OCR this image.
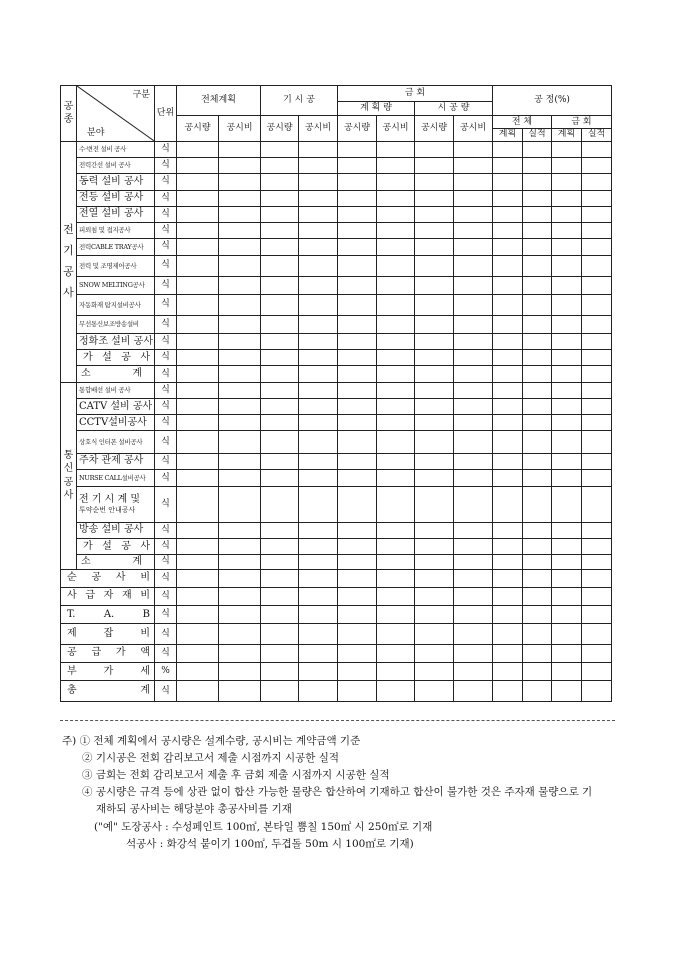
공
종	구분
분야	단위	전체계획		기 시 공		금 회				공 정(%)			
							계 획 량		시 공 량					
			공시량	공시비	공시량	공시비	공시량	공시비	공시량	공시비	전 체		금 회	
											계획	실적	계획	실적
전
기
공
사	수·변전 설비 공사	식												
	전력간선 설비 공사	식												
	동력 설비 공사	식												
	전등 설비 공사	식												
	전열 설비 공사	식												
	피뢰침 및 접지공사	식												
	전력CABLE TRAY공사	식												
	전력 및 조명제어공사	식												
	SNOW MELTING공사	식												
	자동화재 탐지설비공사	식												
	무선통신보조방송설비	식												
	정화조 설비 공사	식												

	가 설 공 사	식												

	소 계	식												
통
신
공
사	통합배선 설비 공사	식												
	CATV 설비 공사	식												
	CCTV설비공사	식												
	상호식 인터폰 설비공사	식												
	주차 관제 공사	식												
	NURSE CALL설비공사	식												

	전 기 시 계 및
투약순번 안내공사	식												
	방송 설비 공사	식												

	가 설 공 사	식												

	소 계	식												

순 공 사 비		식												

사 급 자 재 비		식												

T. A. B		식												

제 잡 비		식												

공 급 가 액		식												

부 가 세		%												

총 계		식												
주) ① 전체 계획에서 공시량은 설계수량, 공시비는 계약금액 기준
② 기시공은 전회 감리보고서 제출 시점까지 시공한 실적
③ 금회는 전회 감리보고서 제출 후 금회 제출 시점까지 시공한 실적
④ 공시량은 규격 등에 상관 없이 합산 가능한 물량은 합산하여 기재하고 합산이 불가한 것은 주자재 물량으로 기
재하되 공사비는 해당분야 총공사비를 기재
("예" 도장공사 : 수성페인트 100㎡, 본타일 뿜칠 150㎡ 시 250㎡로 기재
석공사 : 화강석 붙이기 100㎡, 두겹돌 50m 시 100㎡로 기재)
